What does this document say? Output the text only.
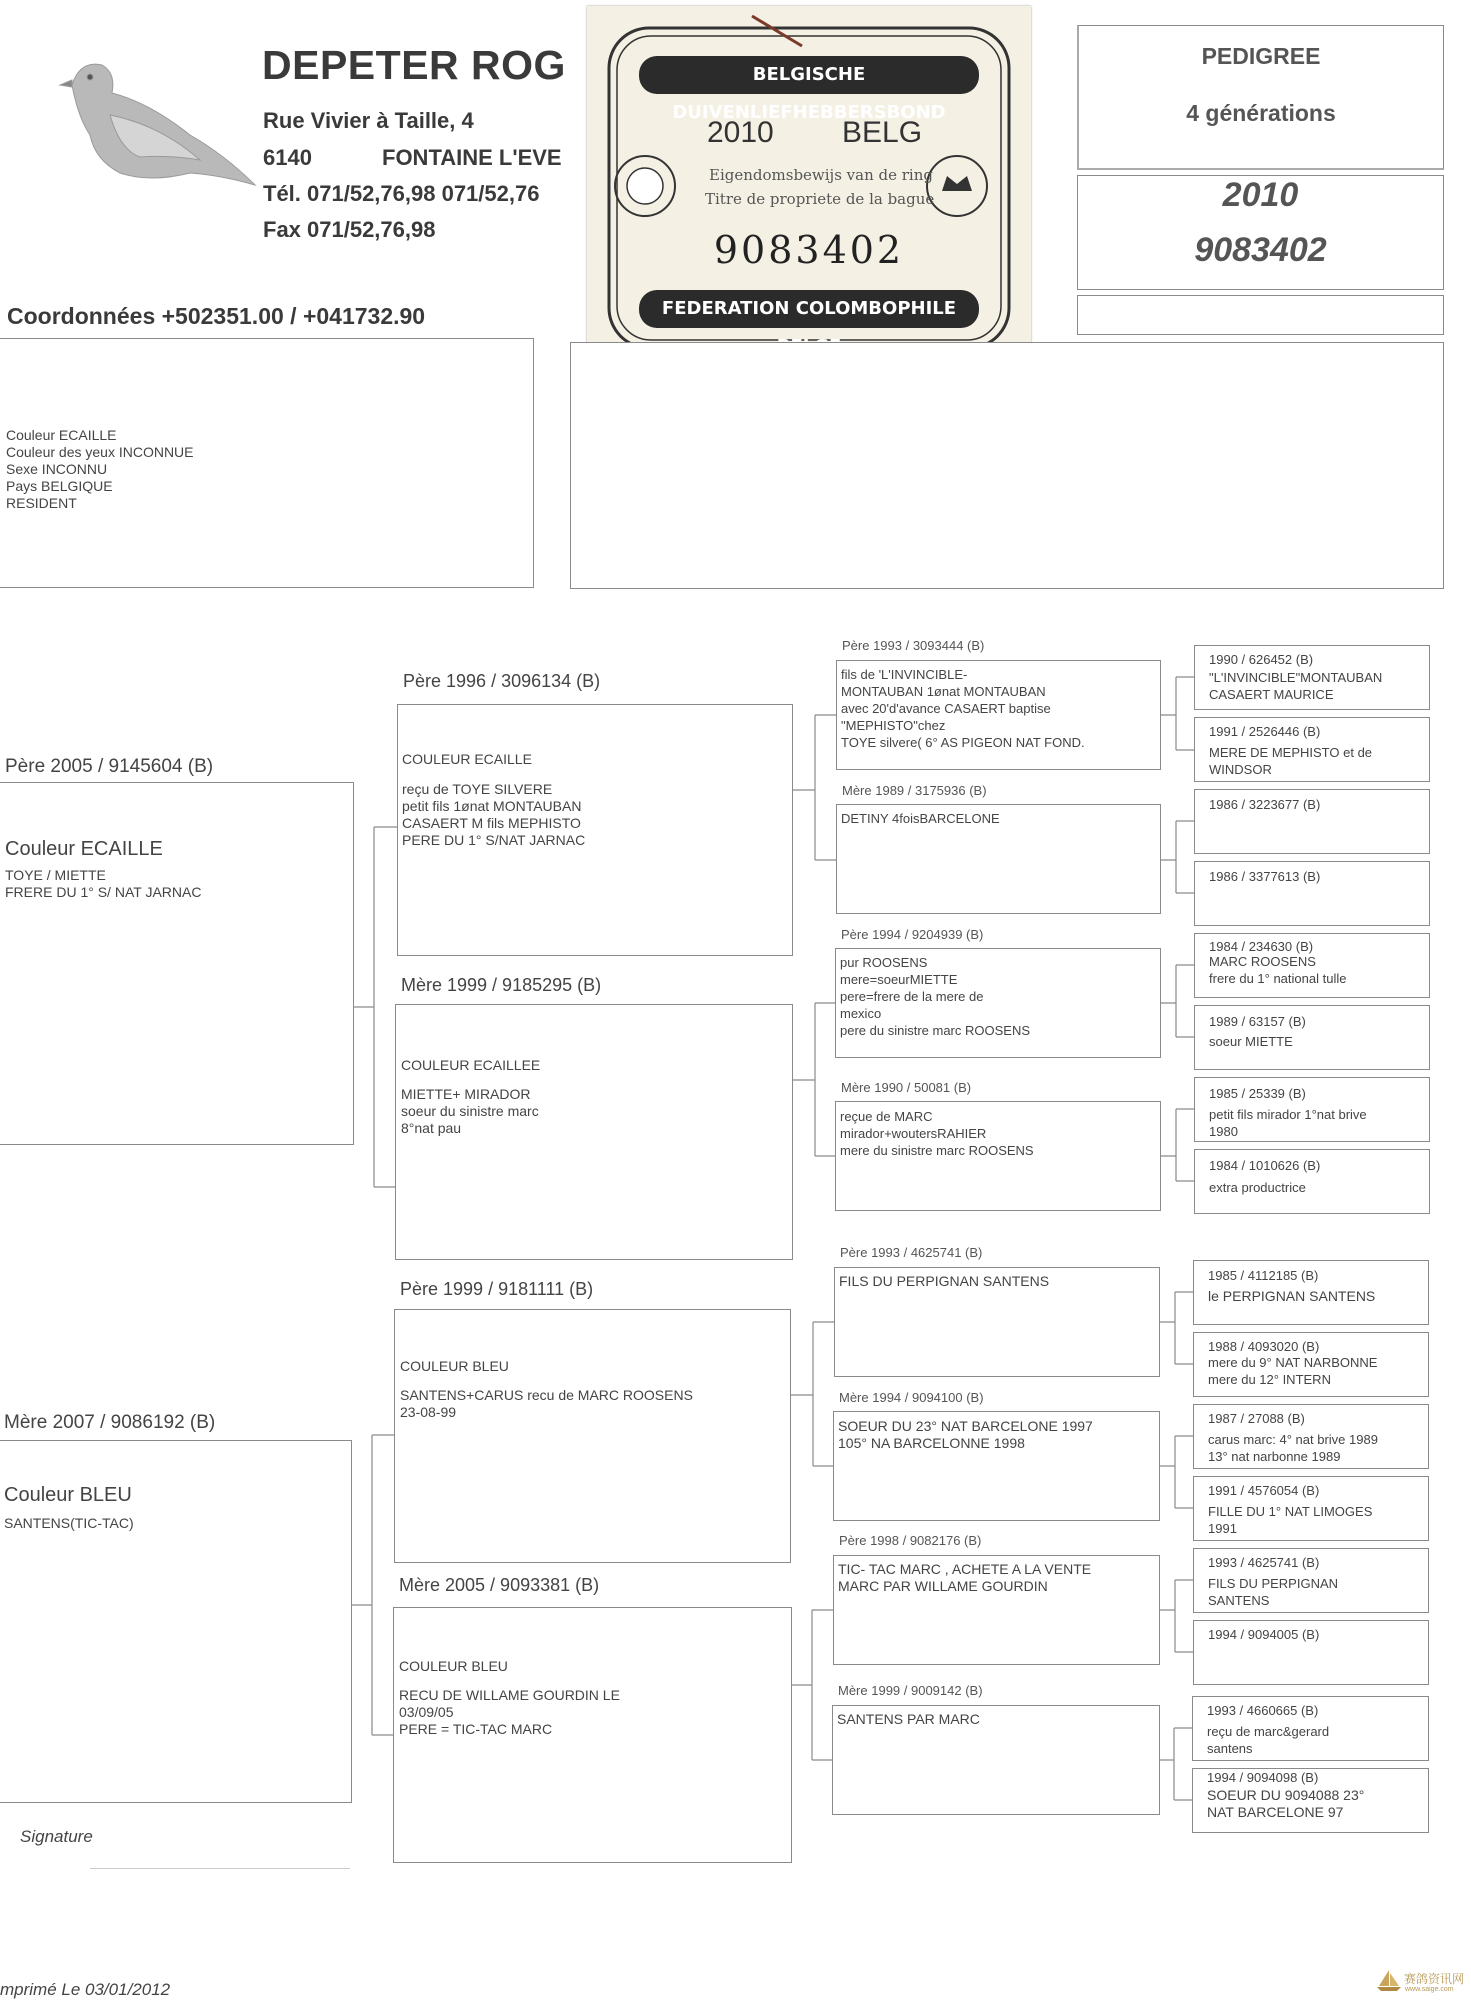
DEPETER ROG
Rue Vivier à Taille, 4
6140	FONTAINE L'EVE
Tél. 071/52,76,98 071/52,76
Fax 071/52,76,98
Coordonnées +502351.00 / +041732.90
BELGISCHE DUIVENLIEFHEBBERSBOND
2010 BELG
Eigendomsbewijs van de ring
Titre de propriete de la bague
9083402
FEDERATION COLOMBOPHILE
PEDIGREE
4 générations
2010
9083402
Couleur ECAILLE
Couleur des yeux INCONNUE
Sexe INCONNU
Pays BELGIQUE
RESIDENT
Père 2005 / 9145604 (B)
Couleur ECAILLE
TOYE / MIETTE
FRERE DU 1° S/ NAT JARNAC
Mère 2007 / 9086192 (B)
Couleur BLEU
SANTENS(TIC-TAC)
Père 1996 / 3096134 (B)
COULEUR ECAILLE
reçu de TOYE SILVERE
petit fils 1ønat MONTAUBAN
CASAERT M fils MEPHISTO
PERE DU 1° S/NAT JARNAC
Mère 1999 / 9185295 (B)
COULEUR ECAILLEE
MIETTE+ MIRADOR
soeur du sinistre marc
8°nat pau
Père 1999 / 9181111 (B)
COULEUR BLEU
SANTENS+CARUS recu de MARC ROOSENS
23-08-99
Mère 2005 / 9093381 (B)
COULEUR BLEU
RECU DE WILLAME GOURDIN LE
03/09/05
PERE = TIC-TAC MARC
Père 1993 / 3093444 (B)
fils de 'L'INVINCIBLE-
MONTAUBAN 1ønat MONTAUBAN
avec 20'd'avance CASAERT baptise
"MEPHISTO"chez
TOYE silvere( 6° AS PIGEON NAT FOND.
Mère 1989 / 3175936 (B)
DETINY 4foisBARCELONE
Père 1994 / 9204939 (B)
pur ROOSENS
mere=soeurMIETTE
pere=frere de la mere de
mexico
pere du sinistre marc ROOSENS
Mère 1990 / 50081 (B)
reçue de MARC
mirador+woutersRAHIER
mere du sinistre marc ROOSENS
Père 1993 / 4625741 (B)
FILS DU PERPIGNAN SANTENS
Mère 1994 / 9094100 (B)
SOEUR DU 23° NAT BARCELONE 1997
105° NA BARCELONNE 1998
Père 1998 / 9082176 (B)
TIC- TAC MARC , ACHETE A LA VENTE
MARC PAR WILLAME GOURDIN
Mère 1999 / 9009142 (B)
SANTENS PAR MARC
1990 / 626452 (B)
"L'INVINCIBLE"MONTAUBAN
CASAERT MAURICE
1991 / 2526446 (B)
MERE DE MEPHISTO et de
WINDSOR
1986 / 3223677 (B)
1986 / 3377613 (B)
1984 / 234630 (B)
MARC ROOSENS
frere du 1° national tulle
1989 / 63157 (B)
soeur MIETTE
1985 / 25339 (B)
petit fils mirador 1°nat brive
1980
1984 / 1010626 (B)
extra productrice
1985 / 4112185 (B)
le PERPIGNAN SANTENS
1988 / 4093020 (B)
mere du 9° NAT NARBONNE
mere du 12° INTERN
1987 / 27088 (B)
carus marc: 4° nat brive 1989
13° nat narbonne 1989
1991 / 4576054 (B)
FILLE DU 1° NAT LIMOGES
1991
1993 / 4625741 (B)
FILS DU PERPIGNAN
SANTENS
1994 / 9094005 (B)
1993 / 4660665 (B)
reçu de marc&gerard
santens
1994 / 9094098 (B)
SOEUR DU 9094088 23°
NAT BARCELONE 97
Signature
mprimé Le 03/01/2012
赛鸽资讯网
www.saige.com
